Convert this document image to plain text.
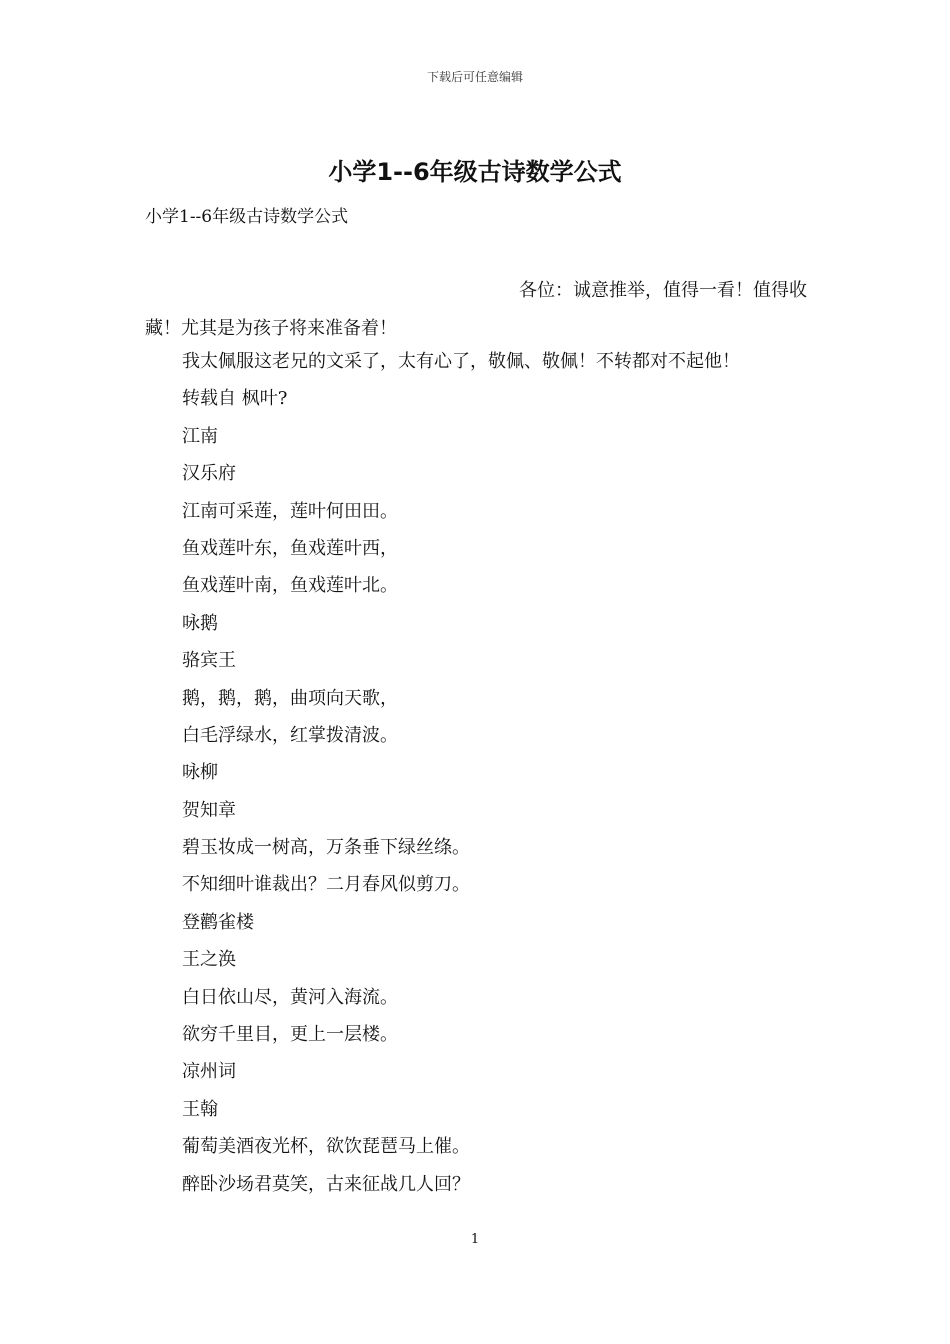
下载后可任意编辑
小学1--6年级古诗数学公式
小学1--6年级古诗数学公式
各位：诚意推举，值得一看！值得收
藏！尤其是为孩子将来准备着！
我太佩服这老兄的文采了，太有心了，敬佩、敬佩！不转都对不起他！
转载自 枫叶?
江南
汉乐府
江南可采莲，莲叶何田田。
鱼戏莲叶东，鱼戏莲叶西，
鱼戏莲叶南，鱼戏莲叶北。
咏鹅
骆宾王
鹅，鹅，鹅，曲项向天歌，
白毛浮绿水，红掌拨清波。
咏柳
贺知章
碧玉妆成一树高，万条垂下绿丝绦。
不知细叶谁裁出？二月春风似剪刀。
登鹳雀楼
王之涣
白日依山尽，黄河入海流。
欲穷千里目，更上一层楼。
凉州词
王翰
葡萄美酒夜光杯，欲饮琵琶马上催。
醉卧沙场君莫笑，古来征战几人回？
1
